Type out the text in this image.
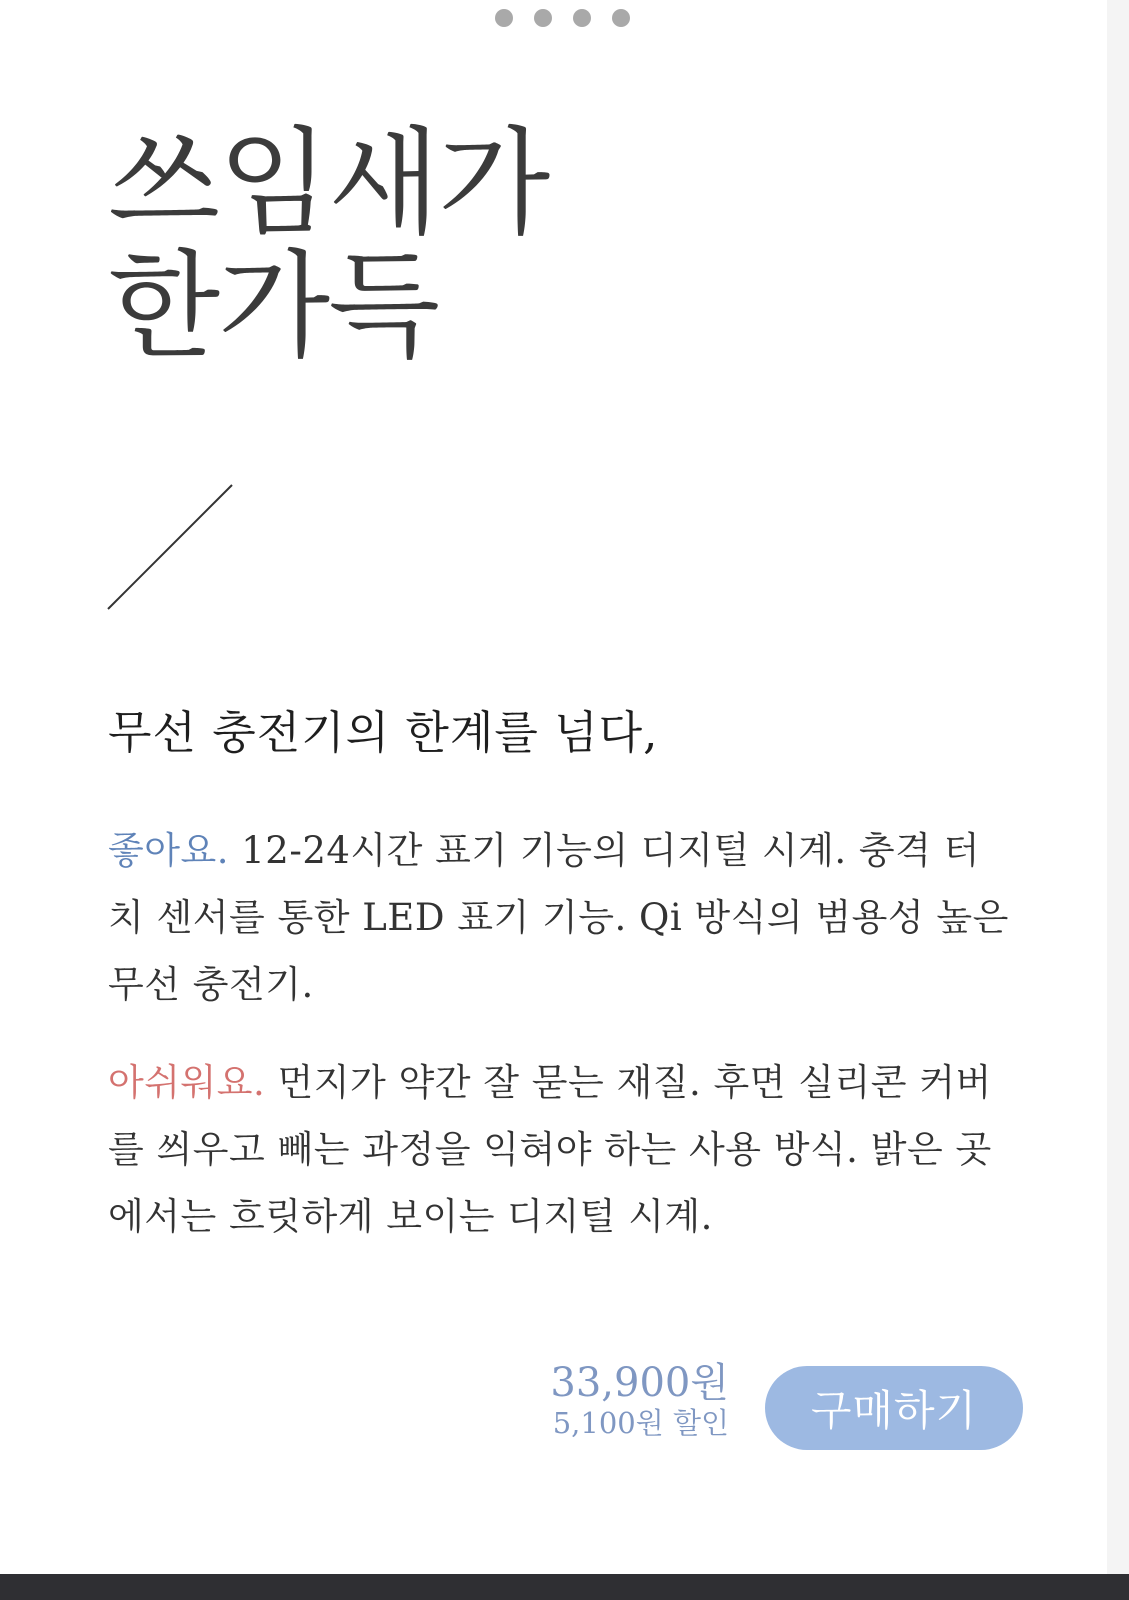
쓰임새가
한가득
무선 충전기의 한계를 넘다,

좋아요. 12-24시간 표기 기능의 디지털 시계. 충격 터치 센서를 통한 LED 표기 기능. Qi 방식의 범용성 높은 무선 충전기.

아쉬워요. 먼지가 약간 잘 묻는 재질. 후면 실리콘 커버를 씌우고 빼는 과정을 익혀야 하는 사용 방식. 밝은 곳에서는 흐릿하게 보이는 디지털 시계.

33,900원
5,100원 할인	구매하기
